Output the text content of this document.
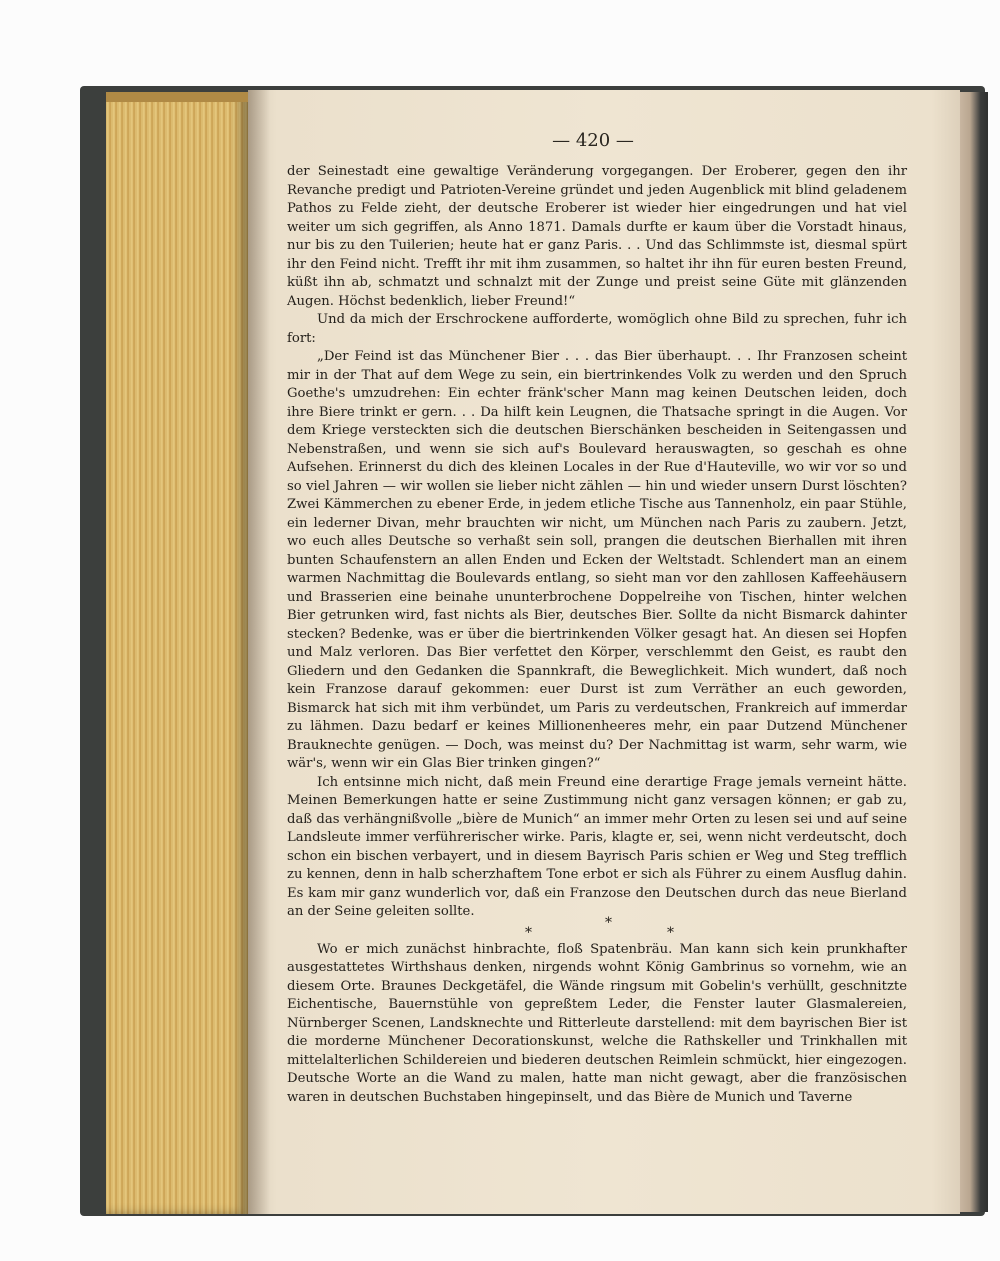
— 420 —

der Seinestadt eine gewaltige Veränderung vorgegangen. Der Eroberer, gegen den ihr Revanche predigt und Patrioten-Vereine gründet und jeden Augenblick mit blind geladenem Pathos zu Felde zieht, der deutsche Eroberer ist wieder hier eingedrungen und hat viel weiter um sich gegriffen, als Anno 1871. Damals durfte er kaum über die Vorstadt hinaus, nur bis zu den Tuilerien; heute hat er ganz Paris. . . Und das Schlimmste ist, diesmal spürt ihr den Feind nicht. Trefft ihr mit ihm zusammen, so haltet ihr ihn für euren besten Freund, küßt ihn ab, schmatzt und schnalzt mit der Zunge und preist seine Güte mit glänzenden Augen. Höchst bedenklich, lieber Freund!“

Und da mich der Erschrockene aufforderte, womöglich ohne Bild zu sprechen, fuhr ich fort:

„Der Feind ist das Münchener Bier . . . das Bier überhaupt. . . Ihr Franzosen scheint mir in der That auf dem Wege zu sein, ein biertrinkendes Volk zu werden und den Spruch Goethe's umzudrehen: Ein echter fränk'scher Mann mag keinen Deutschen leiden, doch ihre Biere trinkt er gern. . . Da hilft kein Leugnen, die Thatsache springt in die Augen. Vor dem Kriege versteckten sich die deutschen Bierschänken bescheiden in Seitengassen und Nebenstraßen, und wenn sie sich auf's Boulevard herauswagten, so geschah es ohne Aufsehen. Erinnerst du dich des kleinen Locales in der Rue d'Hauteville, wo wir vor so und so viel Jahren — wir wollen sie lieber nicht zählen — hin und wieder unsern Durst löschten? Zwei Kämmerchen zu ebener Erde, in jedem etliche Tische aus Tannenholz, ein paar Stühle, ein lederner Divan, mehr brauchten wir nicht, um München nach Paris zu zaubern. Jetzt, wo euch alles Deutsche so verhaßt sein soll, prangen die deutschen Bierhallen mit ihren bunten Schaufenstern an allen Enden und Ecken der Weltstadt. Schlendert man an einem warmen Nachmittag die Boulevards entlang, so sieht man vor den zahllosen Kaffeehäusern und Brasserien eine beinahe ununterbrochene Doppelreihe von Tischen, hinter welchen Bier getrunken wird, fast nichts als Bier, deutsches Bier. Sollte da nicht Bismarck dahinter stecken? Bedenke, was er über die biertrinkenden Völker gesagt hat. An diesen sei Hopfen und Malz verloren. Das Bier verfettet den Körper, verschlemmt den Geist, es raubt den Gliedern und den Gedanken die Spannkraft, die Beweglichkeit. Mich wundert, daß noch kein Franzose darauf gekommen: euer Durst ist zum Verräther an euch geworden, Bismarck hat sich mit ihm verbündet, um Paris zu verdeutschen, Frankreich auf immerdar zu lähmen. Dazu bedarf er keines Millionenheeres mehr, ein paar Dutzend Münchener Brauknechte genügen. — Doch, was meinst du? Der Nachmittag ist warm, sehr warm, wie wär's, wenn wir ein Glas Bier trinken gingen?“

Ich entsinne mich nicht, daß mein Freund eine derartige Frage jemals verneint hätte. Meinen Bemerkungen hatte er seine Zustimmung nicht ganz versagen können; er gab zu, daß das verhängnißvolle „bière de Munich“ an immer mehr Orten zu lesen sei und auf seine Landsleute immer verführerischer wirke. Paris, klagte er, sei, wenn nicht verdeutscht, doch schon ein bischen verbayert, und in diesem Bayrisch Paris schien er Weg und Steg trefflich zu kennen, denn in halb scherzhaftem Tone erbot er sich als Führer zu einem Ausflug dahin. Es kam mir ganz wunderlich vor, daß ein Franzose den Deutschen durch das neue Bierland an der Seine geleiten sollte.

*
*
*

Wo er mich zunächst hinbrachte, floß Spatenbräu. Man kann sich kein prunkhafter ausgestattetes Wirthshaus denken, nirgends wohnt König Gambrinus so vornehm, wie an diesem Orte. Braunes Deckgetäfel, die Wände ringsum mit Gobelin's verhüllt, geschnitzte Eichentische, Bauernstühle von gepreßtem Leder, die Fenster lauter Glasmalereien, Nürnberger Scenen, Landsknechte und Ritterleute darstellend: mit dem bayrischen Bier ist die morderne Münchener Decorationskunst, welche die Rathskeller und Trinkhallen mit mittelalterlichen Schildereien und biederen deutschen Reimlein schmückt, hier eingezogen. Deutsche Worte an die Wand zu malen, hatte man nicht gewagt, aber die französischen waren in deutschen Buchstaben hingepinselt, und das Bière de Munich und Taverne
